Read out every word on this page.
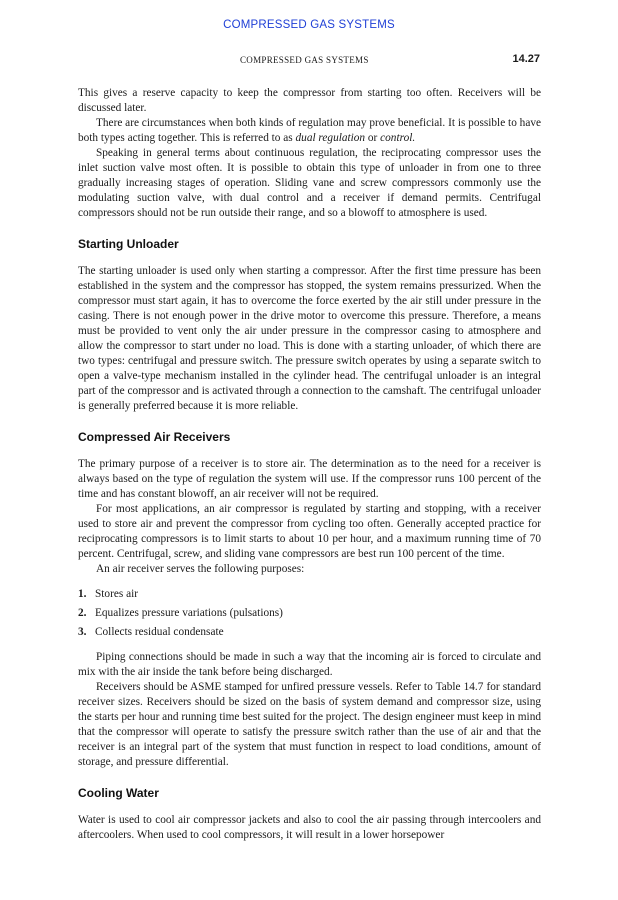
COMPRESSED GAS SYSTEMS
COMPRESSED GAS SYSTEMS	14.27

This gives a reserve capacity to keep the compressor from starting too often. Receivers will be discussed later.

There are circumstances when both kinds of regulation may prove beneficial. It is possible to have both types acting together. This is referred to as dual regulation or control.

Speaking in general terms about continuous regulation, the reciprocating compressor uses the inlet suction valve most often. It is possible to obtain this type of unloader in from one to three gradually increasing stages of operation. Sliding vane and screw compressors commonly use the modulating suction valve, with dual control and a receiver if demand permits. Centrifugal compressors should not be run outside their range, and so a blowoff to atmosphere is used.

Starting Unloader

The starting unloader is used only when starting a compressor. After the first time pressure has been established in the system and the compressor has stopped, the system remains pressurized. When the compressor must start again, it has to overcome the force exerted by the air still under pressure in the casing. There is not enough power in the drive motor to overcome this pressure. Therefore, a means must be provided to vent only the air under pressure in the compressor casing to atmosphere and allow the compressor to start under no load. This is done with a starting unloader, of which there are two types: centrifugal and pressure switch. The pressure switch operates by using a separate switch to open a valve-type mechanism installed in the cylinder head. The centrifugal unloader is an integral part of the compressor and is activated through a connection to the camshaft. The centrifugal unloader is generally preferred because it is more reliable.

Compressed Air Receivers

The primary purpose of a receiver is to store air. The determination as to the need for a receiver is always based on the type of regulation the system will use. If the compressor runs 100 percent of the time and has constant blowoff, an air receiver will not be required.

For most applications, an air compressor is regulated by starting and stopping, with a receiver used to store air and prevent the compressor from cycling too often. Generally accepted practice for reciprocating compressors is to limit starts to about 10 per hour, and a maximum running time of 70 percent. Centrifugal, screw, and sliding vane compressors are best run 100 percent of the time.

An air receiver serves the following purposes:

1. Stores air
2. Equalizes pressure variations (pulsations)
3. Collects residual condensate

Piping connections should be made in such a way that the incoming air is forced to circulate and mix with the air inside the tank before being discharged.

Receivers should be ASME stamped for unfired pressure vessels. Refer to Table 14.7 for standard receiver sizes. Receivers should be sized on the basis of system demand and compressor size, using the starts per hour and running time best suited for the project. The design engineer must keep in mind that the compressor will operate to satisfy the pressure switch rather than the use of air and that the receiver is an integral part of the system that must function in respect to load conditions, amount of storage, and pressure differential.

Cooling Water

Water is used to cool air compressor jackets and also to cool the air passing through intercoolers and aftercoolers. When used to cool compressors, it will result in a lower horsepower
